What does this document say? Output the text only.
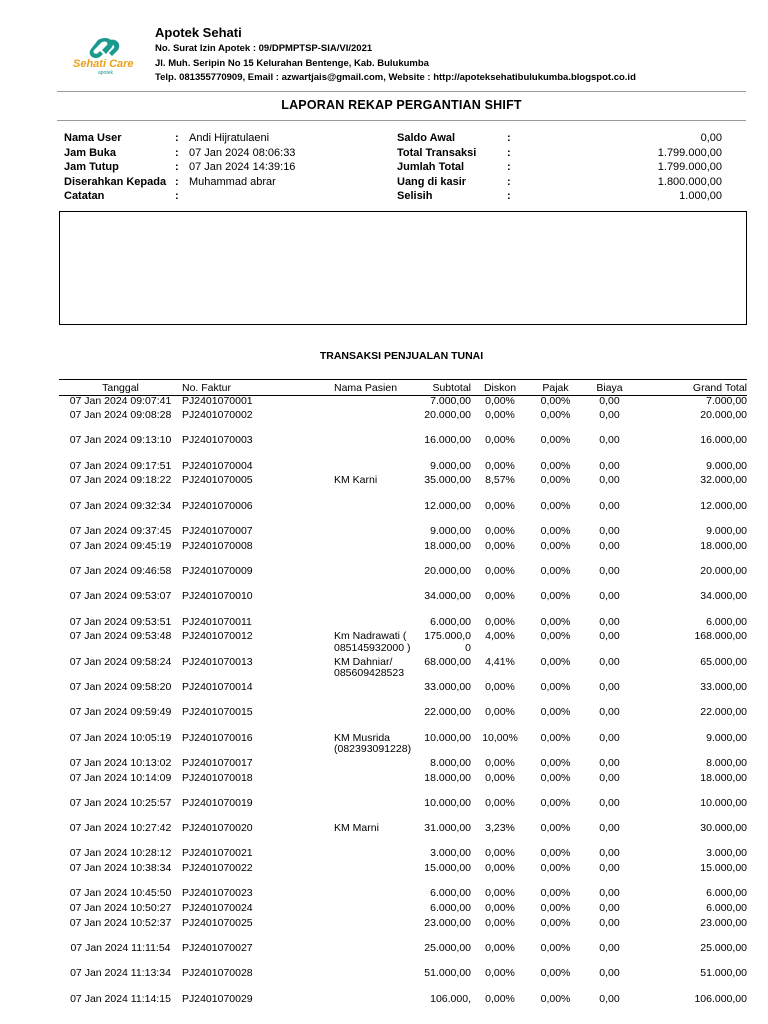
Sehati Care
apotek
Apotek Sehati
No. Surat Izin Apotek : 09/DPMPTSP-SIA/VI/2021
Jl. Muh. Seripin No 15 Kelurahan Bentenge, Kab. Bulukumba
Telp. 081355770909, Email : azwartjais@gmail.com, Website : http://apoteksehatibulukumba.blogspot.co.id
LAPORAN REKAP PERGANTIAN SHIFT
Nama User	: Andi Hijratulaeni
Jam Buka	: 07 Jan 2024 08:06:33
Jam Tutup	: 07 Jan 2024 14:39:16
Diserahkan Kepada : Muhammad abrar
Catatan	:
Saldo Awal	:	0,00
Total Transaksi	:	1.799.000,00
Jumlah Total	:	1.799.000,00
Uang di kasir	:	1.800.000,00
Selisih	:	1.000,00
TRANSAKSI PENJUALAN TUNAI
Tanggal	No. Faktur	Nama Pasien	Subtotal	Diskon	Pajak	Biaya	Grand Total
07 Jan 2024 09:07:41	PJ2401070001		7.000,00	0,00%	0,00%	0,00	7.000,00
07 Jan 2024 09:08:28	PJ2401070002		20.000,00	0,00%	0,00%	0,00	20.000,00
07 Jan 2024 09:13:10	PJ2401070003		16.000,00	0,00%	0,00%	0,00	16.000,00
07 Jan 2024 09:17:51	PJ2401070004		9.000,00	0,00%	0,00%	0,00	9.000,00
07 Jan 2024 09:18:22	PJ2401070005	KM Karni	35.000,00	8,57%	0,00%	0,00	32.000,00
07 Jan 2024 09:32:34	PJ2401070006		12.000,00	0,00%	0,00%	0,00	12.000,00
07 Jan 2024 09:37:45	PJ2401070007		9.000,00	0,00%	0,00%	0,00	9.000,00
07 Jan 2024 09:45:19	PJ2401070008		18.000,00	0,00%	0,00%	0,00	18.000,00
07 Jan 2024 09:46:58	PJ2401070009		20.000,00	0,00%	0,00%	0,00	20.000,00
07 Jan 2024 09:53:07	PJ2401070010		34.000,00	0,00%	0,00%	0,00	34.000,00
07 Jan 2024 09:53:51	PJ2401070011		6.000,00	0,00%	0,00%	0,00	6.000,00
07 Jan 2024 09:53:48	PJ2401070012	Km Nadrawati ( 085145932000 )	175.000,00	4,00%	0,00%	0,00	168.000,00
07 Jan 2024 09:58:24	PJ2401070013	KM Dahniar/ 085609428523	68.000,00	4,41%	0,00%	0,00	65.000,00
07 Jan 2024 09:58:20	PJ2401070014		33.000,00	0,00%	0,00%	0,00	33.000,00
07 Jan 2024 09:59:49	PJ2401070015		22.000,00	0,00%	0,00%	0,00	22.000,00
07 Jan 2024 10:05:19	PJ2401070016	KM Musrida (082393091228)	10.000,00	10,00%	0,00%	0,00	9.000,00
07 Jan 2024 10:13:02	PJ2401070017		8.000,00	0,00%	0,00%	0,00	8.000,00
07 Jan 2024 10:14:09	PJ2401070018		18.000,00	0,00%	0,00%	0,00	18.000,00
07 Jan 2024 10:25:57	PJ2401070019		10.000,00	0,00%	0,00%	0,00	10.000,00
07 Jan 2024 10:27:42	PJ2401070020	KM Marni	31.000,00	3,23%	0,00%	0,00	30.000,00
07 Jan 2024 10:28:12	PJ2401070021		3.000,00	0,00%	0,00%	0,00	3.000,00
07 Jan 2024 10:38:34	PJ2401070022		15.000,00	0,00%	0,00%	0,00	15.000,00
07 Jan 2024 10:45:50	PJ2401070023		6.000,00	0,00%	0,00%	0,00	6.000,00
07 Jan 2024 10:50:27	PJ2401070024		6.000,00	0,00%	0,00%	0,00	6.000,00
07 Jan 2024 10:52:37	PJ2401070025		23.000,00	0,00%	0,00%	0,00	23.000,00
07 Jan 2024 11:11:54	PJ2401070027		25.000,00	0,00%	0,00%	0,00	25.000,00
07 Jan 2024 11:13:34	PJ2401070028		51.000,00	0,00%	0,00%	0,00	51.000,00
07 Jan 2024 11:14:15	PJ2401070029		106.000,	0,00%	0,00%	0,00	106.000,00
